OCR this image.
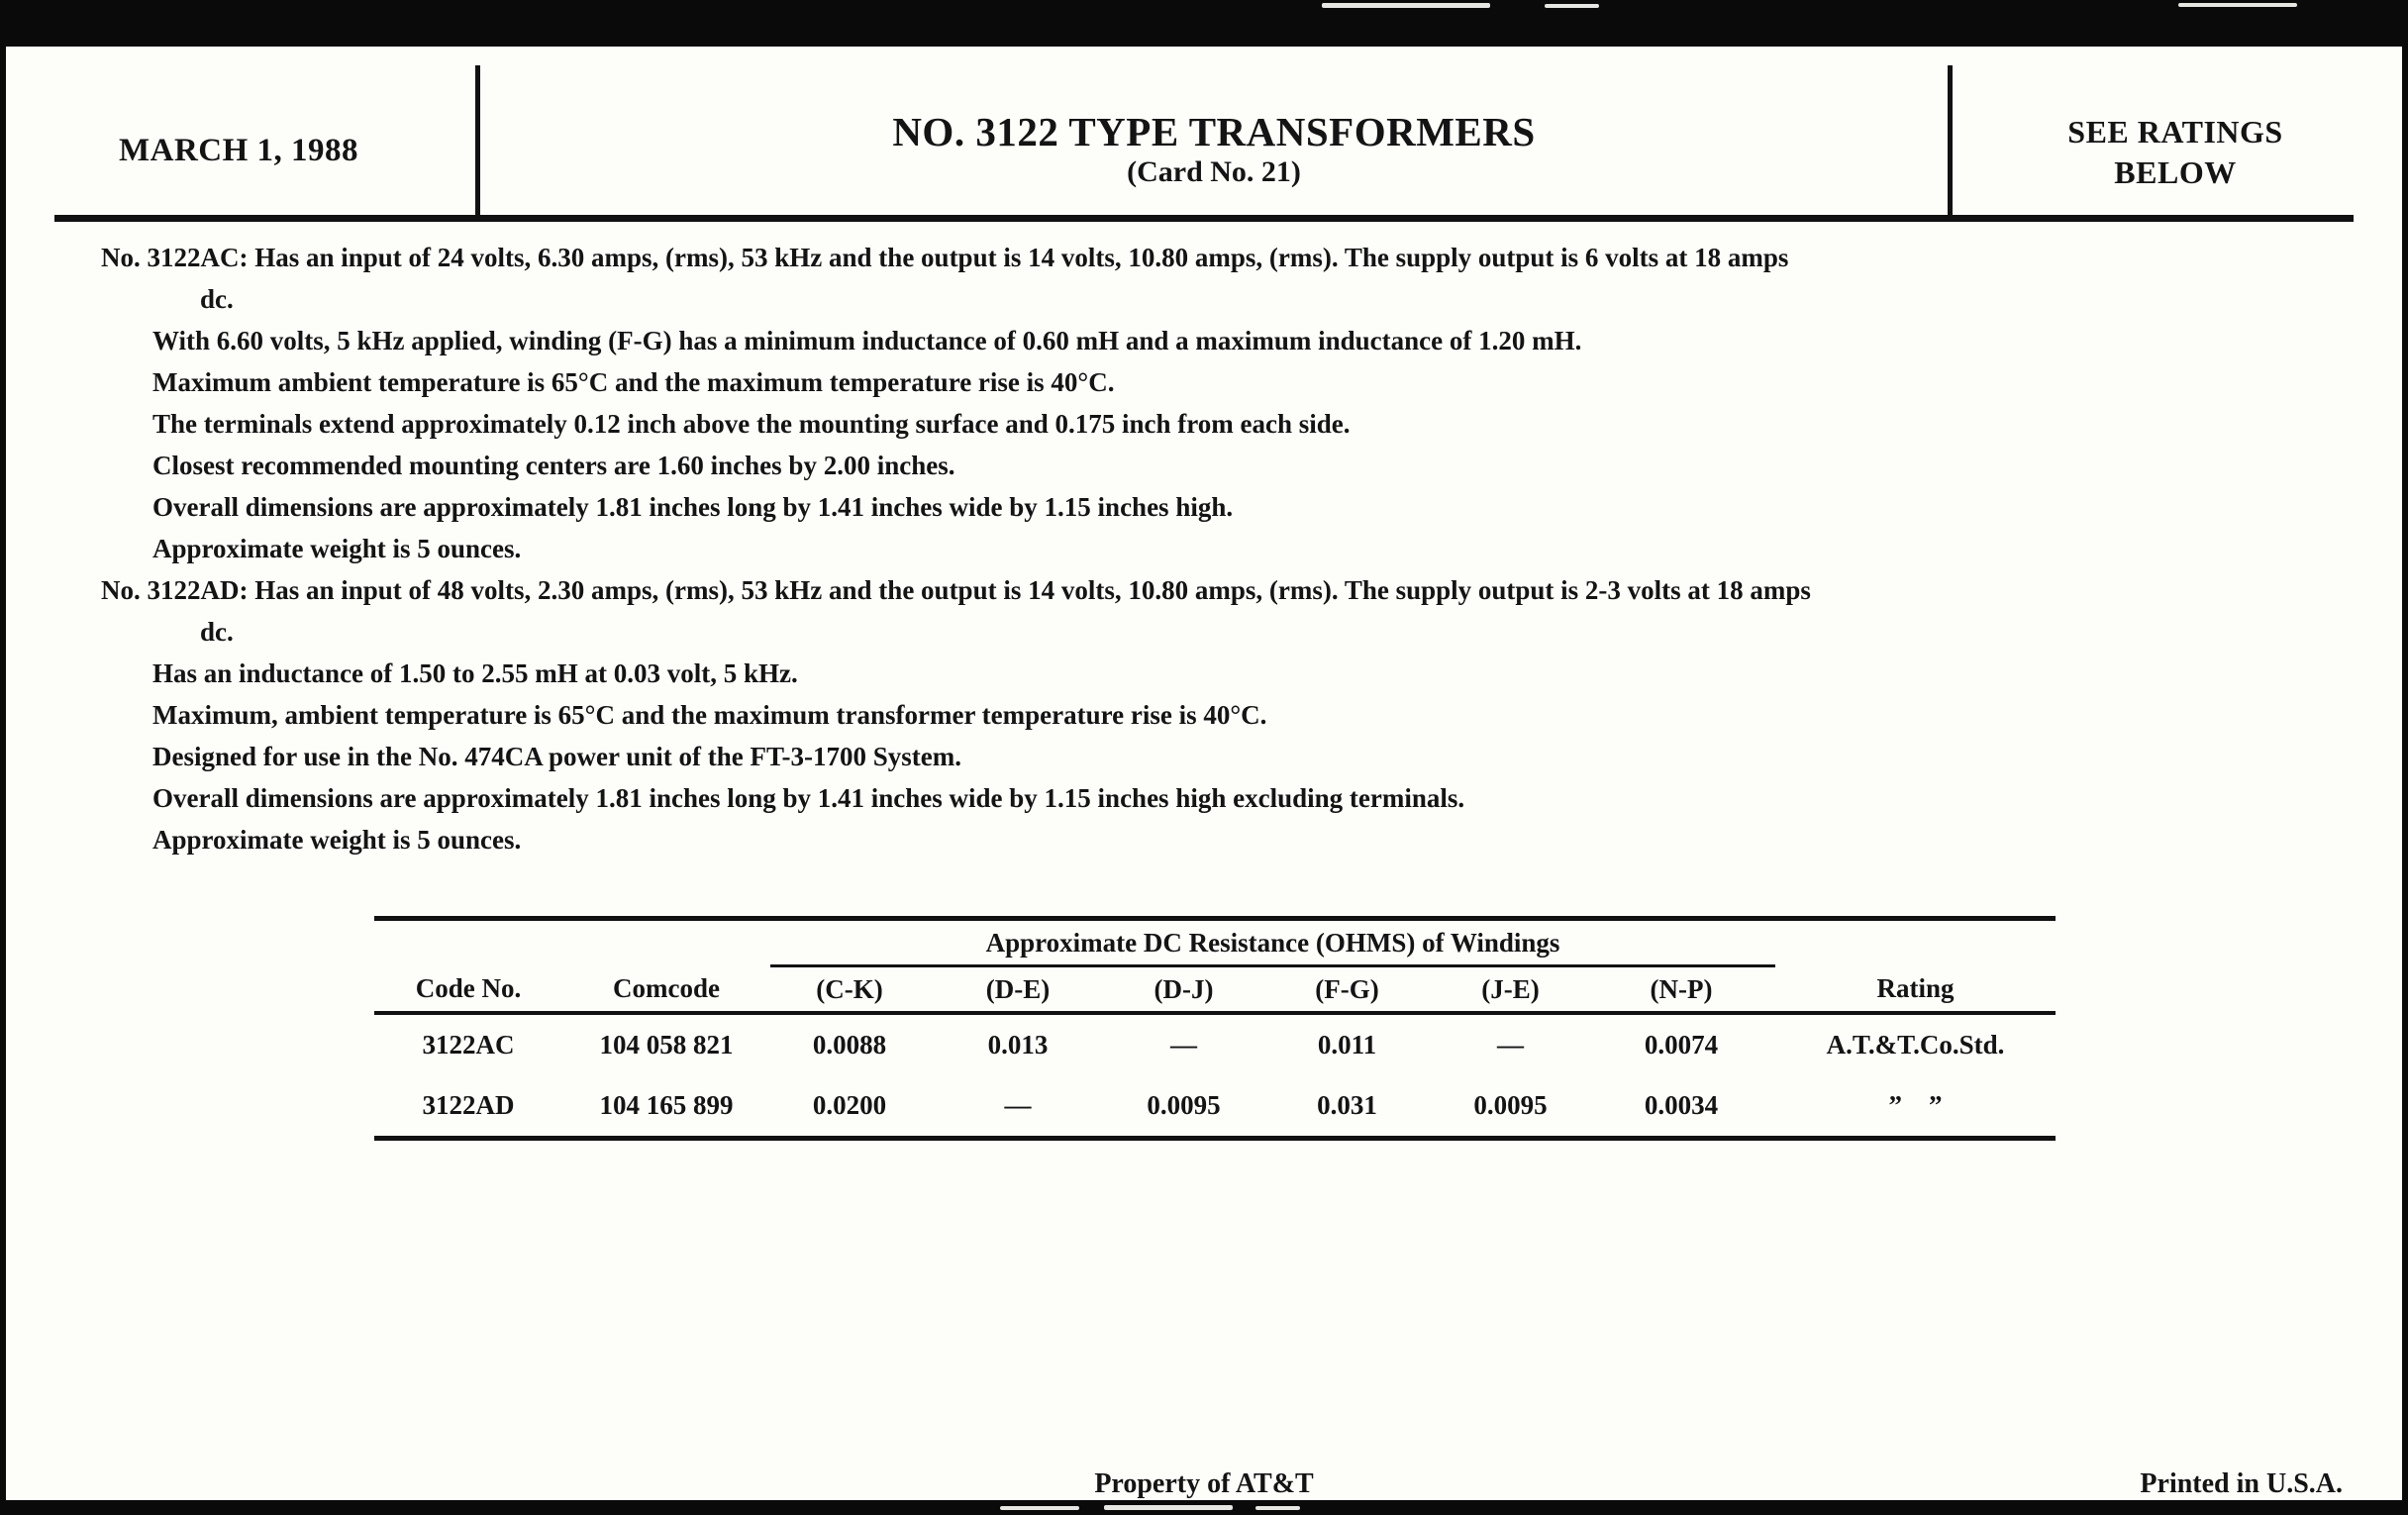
MARCH 1, 1988	NO. 3122 TYPE TRANSFORMERS
(Card No. 21)
SEE RATINGS
BELOW
No. 3122AC: Has an input of 24 volts, 6.30 amps, (rms), 53 kHz and the output is 14 volts, 10.80 amps, (rms). The supply output is 6 volts at 18 amps
dc.
With 6.60 volts, 5 kHz applied, winding (F-G) has a minimum inductance of 0.60 mH and a maximum inductance of 1.20 mH.
Maximum ambient temperature is 65°C and the maximum temperature rise is 40°C.
The terminals extend approximately 0.12 inch above the mounting surface and 0.175 inch from each side.
Closest recommended mounting centers are 1.60 inches by 2.00 inches.
Overall dimensions are approximately 1.81 inches long by 1.41 inches wide by 1.15 inches high.
Approximate weight is 5 ounces.
No. 3122AD: Has an input of 48 volts, 2.30 amps, (rms), 53 kHz and the output is 14 volts, 10.80 amps, (rms). The supply output is 2-3 volts at 18 amps
dc.
Has an inductance of 1.50 to 2.55 mH at 0.03 volt, 5 kHz.
Maximum, ambient temperature is 65°C and the maximum transformer temperature rise is 40°C.
Designed for use in the No. 474CA power unit of the FT-3-1700 System.
Overall dimensions are approximately 1.81 inches long by 1.41 inches wide by 1.15 inches high excluding terminals.
Approximate weight is 5 ounces.
		Approximate DC Resistance (OHMS) of Windings						
Code No.	Comcode	(C-K)	(D-E)	(D-J)	(F-G)	(J-E)	(N-P)	Rating
3122AC	104 058 821	0.0088	0.013	—	0.011	—	0.0074	A.T.&T.Co.Std.
3122AD	104 165 899	0.0200	—	0.0095	0.031	0.0095	0.0034	” ”
Property of AT&T	Printed in U.S.A.
